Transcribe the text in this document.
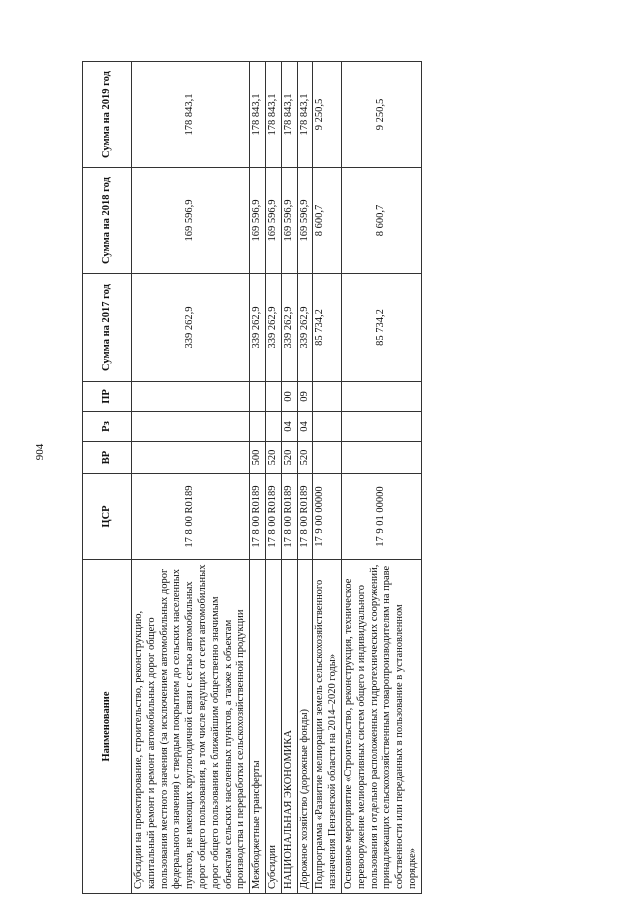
904
Наименование	ЦСР	ВР	Рз	ПР	Сумма на 2017 год	Сумма на 2018 год	Сумма на 2019 год
Субсидии на проектирование, строительство, реконструкцию, капитальный ремонт и ремонт автомобильных дорог общего пользования местного значения (за исключением автомобильных дорог федерального значения) с твердым покрытием до сельских населенных пунктов, не имеющих круглогодичной связи с сетью автомобильных дорог общего пользования, в том числе ведущих от сети автомобильных дорог общего пользования к ближайшим общественно значимым объектам сельских населенных пунктов, а также к объектам производства и переработки сельскохозяйственной продукции	17 8 00 R0189				339 262,9	169 596,9	178 843,1
Межбюджетные трансферты	17 8 00 R0189	500			339 262,9	169 596,9	178 843,1
Субсидии	17 8 00 R0189	520			339 262,9	169 596,9	178 843,1
НАЦИОНАЛЬНАЯ ЭКОНОМИКА	17 8 00 R0189	520	04	00	339 262,9	169 596,9	178 843,1
Дорожное хозяйство (дорожные фонды)	17 8 00 R0189	520	04	09	339 262,9	169 596,9	178 843,1
Подпрограмма «Развитие мелиорации земель сельскохозяйственного назначения Пензенской области на 2014–2020 годы»	17 9 00 00000				85 734,2	8 600,7	9 250,5
Основное мероприятие «Строительство, реконструкция, техническое перевооружение мелиоративных систем общего и индивидуального пользования и отдельно расположенных гидротехнических сооружений, принадлежащих сельскохозяйственным товаропроизводителям на праве собственности или переданных в пользование в установленном порядке»	17 9 01 00000				85 734,2	8 600,7	9 250,5
